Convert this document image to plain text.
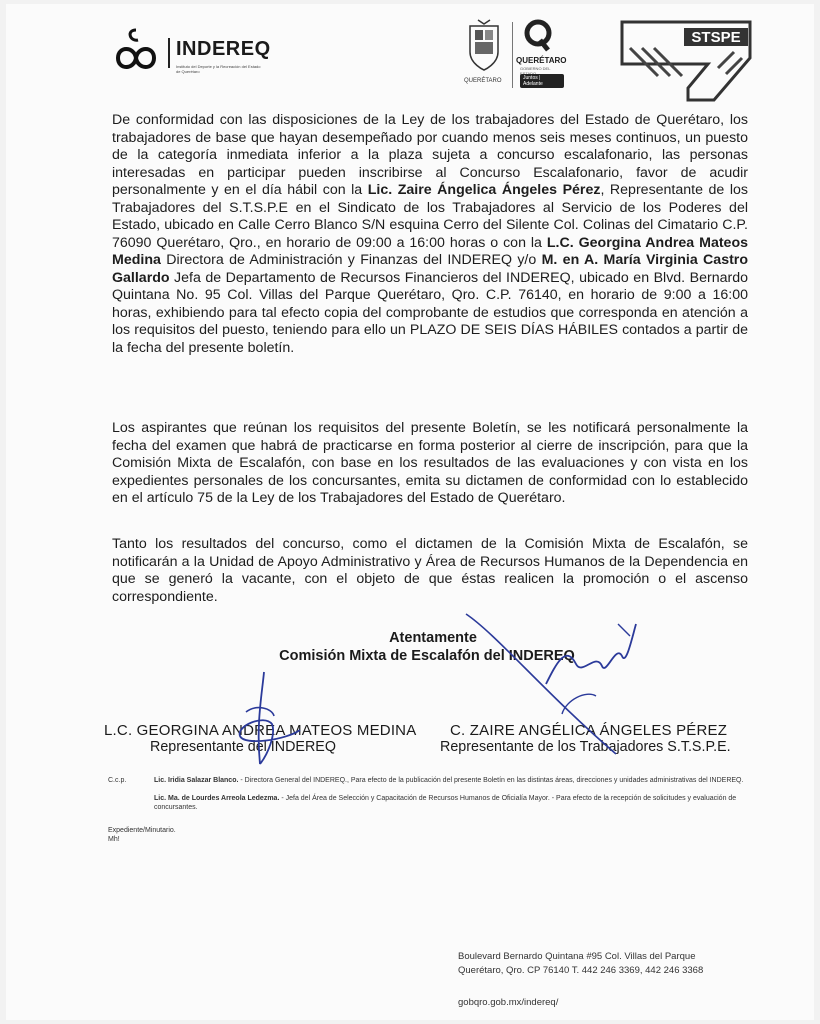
INDEREQ
Instituto del Deporte y la Recreación del Estado de Querétaro
QUERÉTARO
QUERÉTARO
GOBIERNO DEL
Juntos | Adelante
STSPE

De conformidad con las disposiciones de la Ley de los trabajadores del Estado de Querétaro, los trabajadores de base que hayan desempeñado por cuando menos seis meses continuos, un puesto de la categoría inmediata inferior a la plaza sujeta a concurso escalafonario, las personas interesadas en participar pueden inscribirse al Concurso Escalafonario, favor de acudir personalmente y en el día hábil con la Lic. Zaire Ángelica Ángeles Pérez, Representante de los Trabajadores del S.T.S.P.E en el Sindicato de los Trabajadores al Servicio de los Poderes del Estado, ubicado en Calle Cerro Blanco S/N esquina Cerro del Silente Col. Colinas del Cimatario C.P. 76090 Querétaro, Qro., en horario de 09:00 a 16:00 horas o con la L.C. Georgina Andrea Mateos Medina Directora de Administración y Finanzas del INDEREQ y/o M. en A. María Virginia Castro Gallardo Jefa de Departamento de Recursos Financieros del INDEREQ, ubicado en Blvd. Bernardo Quintana No. 95 Col. Villas del Parque Querétaro, Qro. C.P. 76140, en horario de 9:00 a 16:00 horas, exhibiendo para tal efecto copia del comprobante de estudios que corresponda en atención a los requisitos del puesto, teniendo para ello un PLAZO DE SEIS DÍAS HÁBILES contados a partir de la fecha del presente boletín.

Los aspirantes que reúnan los requisitos del presente Boletín, se les notificará personalmente la fecha del examen que habrá de practicarse en forma posterior al cierre de inscripción, para que la Comisión Mixta de Escalafón, con base en los resultados de las evaluaciones y con vista en los expedientes personales de los concursantes, emita su dictamen de conformidad con lo establecido en el artículo 75 de la Ley de los Trabajadores del Estado de Querétaro.

Tanto los resultados del concurso, como el dictamen de la Comisión Mixta de Escalafón, se notificarán a la Unidad de Apoyo Administrativo y Área de Recursos Humanos de la Dependencia en que se generó la vacante, con el objeto de que éstas realicen la promoción o el ascenso correspondiente.

Atentamente
Comisión Mixta de Escalafón del INDEREQ
L.C. GEORGINA ANDREA MATEOS MEDINA
Representante del INDEREQ
C. ZAIRE ANGÉLICA ÁNGELES PÉREZ
Representante de los Trabajadores S.T.S.P.E.
C.c.p.	Lic. Iridia Salazar Blanco. - Directora General del INDEREQ., Para efecto de la publicación del presente Boletín en las distintas áreas, direcciones y unidades administrativas del INDEREQ.
Lic. Ma. de Lourdes Arreola Ledezma. - Jefa del Área de Selección y Capacitación de Recursos Humanos de Oficialía Mayor. - Para efecto de la recepción de solicitudes y evaluación de concursantes.
Expediente/Minutario.
Mh!
Boulevard Bernardo Quintana #95 Col. Villas del Parque
Querétaro, Qro. CP 76140 T. 442 246 3369, 442 246 3368
gobqro.gob.mx/indereq/
